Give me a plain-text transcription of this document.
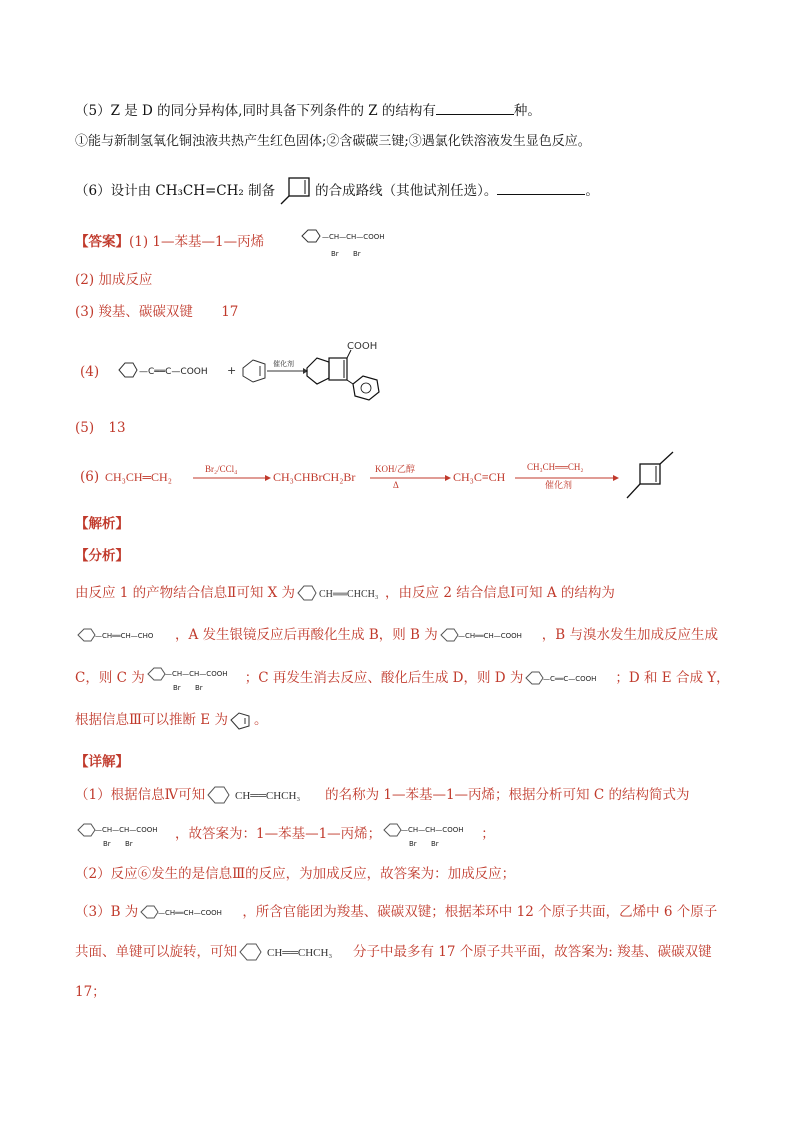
（5）Z 是 D 的同分异构体,同时具备下列条件的 Z 的结构有	种。
①能与新制氢氧化铜浊液共热产生红色固体;②含碳碳三键;③遇氯化铁溶液发生显色反应。
（6）设计由 CH₃CH=CH₂ 制备	的合成路线（其他试剂任选）。	。
【答案】(1) 1—苯基—1—丙烯	—CH—CH—COOH
Br Br
(2) 加成反应
(3) 羧基、碳碳双键 17
(4)	—C══C—COOH +	催化剂
COOH
(5) 13
(6) CH₃CH═CH₂
Br₂/CCl₄
CH₃CHBrCH₂Br
KOH/乙醇
Δ
CH₃C≡CH
CH₃CH══CH₂
催化剂
【解析】
【分析】
由反应 1 的产物结合信息Ⅱ可知 X 为 CH══CHCH₃ ，由反应 2 结合信息Ⅰ可知 A 的结构为
—CH══CH—CHO ，A 发生银镜反应后再酸化生成 B，则 B 为	—CH══CH—COOH ，B 与溴水发生加成反应生成
C，则 C 为	—CH—CH—COOH
Br Br
；C 再发生消去反应、酸化后生成 D，则 D 为	—C══C—COOH ；D 和 E 合成 Y，
根据信息Ⅲ可以推断 E 为 。
【详解】
（1）根据信息Ⅳ可知	CH══CHCH₃ 的名称为 1—苯基—1—丙烯；根据分析可知 C 的结构简式为
—CH—CH—COOH
Br Br
，故答案为：1—苯基—1—丙烯；	—CH—CH—COOH
Br Br
；
（2）反应⑥发生的是信息Ⅲ的反应，为加成反应，故答案为：加成反应；
（3）B 为	—CH══CH—COOH ，所含官能团为羧基、碳碳双键；根据苯环中 12 个原子共面，乙烯中 6 个原子
共面、单键可以旋转，可知	CH══CHCH₃ 分子中最多有 17 个原子共平面，故答案为: 羧基、碳碳双键
17；
